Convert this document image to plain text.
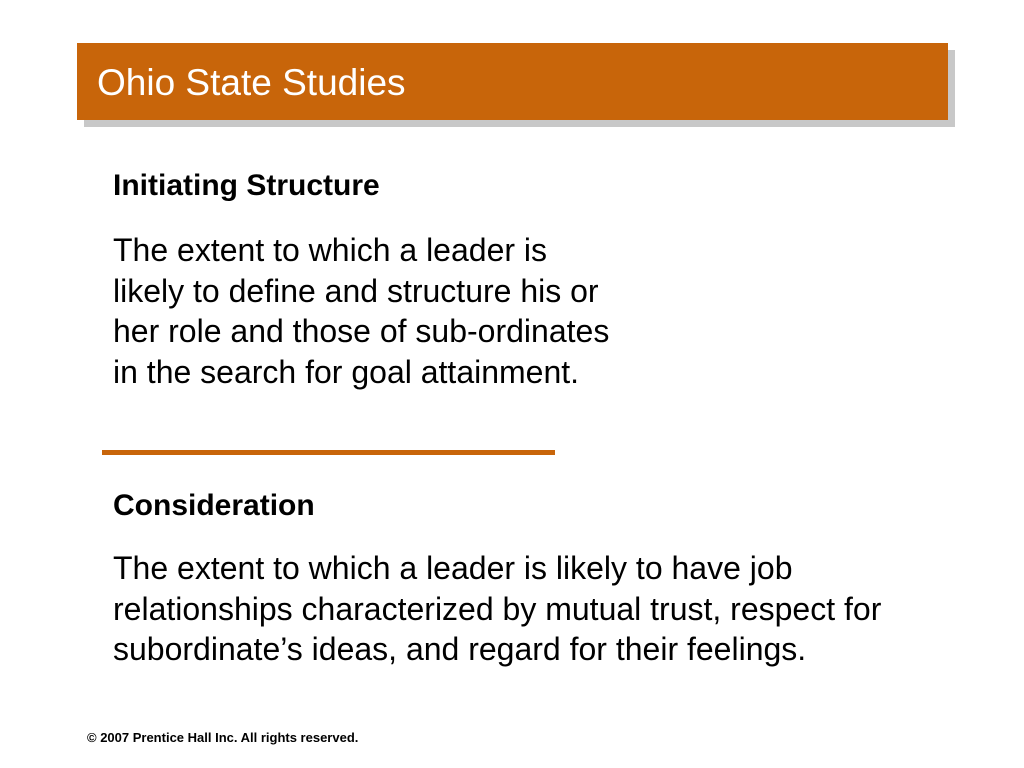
Ohio State Studies
Initiating Structure

The extent to which a leader is likely to define and structure his or her role and those of sub-ordinates in the search for goal attainment.

Consideration

The extent to which a leader is likely to have job relationships characterized by mutual trust, respect for subordinate’s ideas, and regard for their feelings.

© 2007 Prentice Hall Inc. All rights reserved.
